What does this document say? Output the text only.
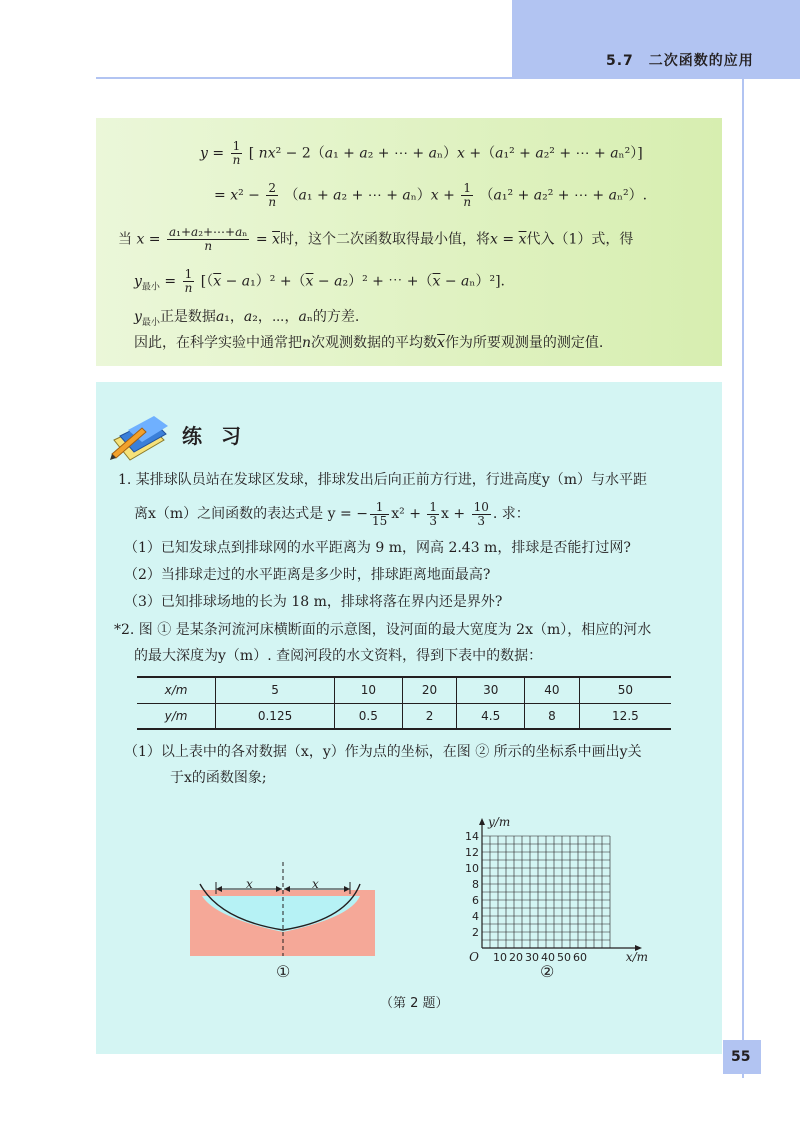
5.7　二次函数的应用
$y = \frac{1}{n}$ [ nx² − 2（a₁ + a₂ + ⋯ + aₙ）x +（a₁² + a₂² + ⋯ + aₙ²）]
= $x^2 - \frac{2}{n} (a_1 + a_2$ + ⋯ + $a_n)x + \frac{1}{n} (a_1^2 + a_2^2$ + ⋯ + aₙ²）.
当 $x = \frac{\text{a₁+a₂+⋯+aₙ}}{n} = \overline{x}$时，这个二次函数取得最小值，将$x = \overline{x}$代入（1）式，得
$y_{最小} = \frac{1}{n} [(\overline{x} - a_1)^2 +(\overline{x} - a_2)^2$ + ⋯ $+(\overline{x} - a_n)^2$].
$y_{最小}$正是数据a₁，a₂，⋯，aₙ的方差.
因此，在科学实验中通常把n次观测数据的平均数$\overline{x}$作为所要观测量的测定值.
练 习
1. 某排球队员站在发球区发球，排球发出后向正前方行进，行进高度y（m）与水平距
离x（m）之间函数的表达式是 y = − $\frac{1}{15} x^2 + \frac{1}{3}$ $x + \frac{10}{3}$ . 求：
（1）已知发球点到排球网的水平距离为 9 m，网高 2.43 m，排球是否能打过网?
（2）当排球走过的水平距离是多少时，排球距离地面最高?
（3）已知排球场地的长为 18 m，排球将落在界内还是界外?
*2. 图 ① 是某条河流河床横断面的示意图，设河面的最大宽度为 2x（m），相应的河水
的最大深度为y（m）. 查阅河段的水文资料，得到下表中的数据：
x/m	5	10	20	30	40	50
y/m	0.125	0.5	2	4.5	8	12.5
（1）以上表中的各对数据（x，y）作为点的坐标，在图 ② 所示的坐标系中画出y关
于x的函数图象;
x	x
①
2
4
6
8
10
12
14
10 20 30 40 50 60
O
y/m
x/m
②
（第 2 题）
55
